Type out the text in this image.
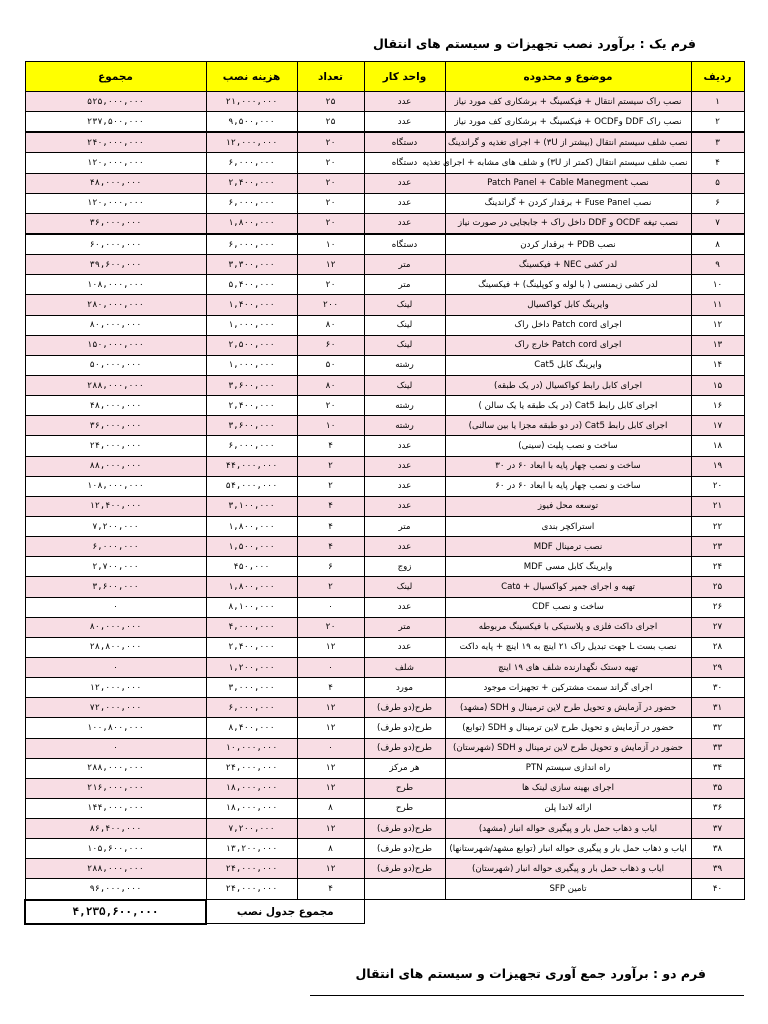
فرم یک : برآورد نصب تجهیزات و سیستم های انتقال
ردیف	موضوع و محدوده	واحد کار	تعداد	هزینه نصب	مجموع
۱	نصب راک سیستم انتقال + فیکسینگ + برشکاری کف مورد نیاز	عدد	۲۵	۲۱,۰۰۰,۰۰۰	۵۲۵,۰۰۰,۰۰۰
۲	نصب راک DDF وOCDF + فیکسینگ + برشکاری کف مورد نیاز	عدد	۲۵	۹,۵۰۰,۰۰۰	۲۳۷,۵۰۰,۰۰۰
۳	نصب شلف سیستم انتقال (بیشتر از ۳U) + اجرای تغذیه و گراندینگ	دستگاه	۲۰	۱۲,۰۰۰,۰۰۰	۲۴۰,۰۰۰,۰۰۰
۴	نصب شلف سیستم انتقال (کمتر از ۳U) و شلف های مشابه + اجرای تغذیه	دستگاه	۲۰	۶,۰۰۰,۰۰۰	۱۲۰,۰۰۰,۰۰۰
۵	نصب Patch Panel + Cable Manegment	عدد	۲۰	۲,۴۰۰,۰۰۰	۴۸,۰۰۰,۰۰۰
۶	نصب Fuse Panel + برقدار کردن + گراندینگ	عدد	۲۰	۶,۰۰۰,۰۰۰	۱۲۰,۰۰۰,۰۰۰
۷	نصب تیغه OCDF و DDF داخل راک + جابجایی در صورت نیاز	عدد	۲۰	۱,۸۰۰,۰۰۰	۳۶,۰۰۰,۰۰۰
۸	نصب PDB + برقدار کردن	دستگاه	۱۰	۶,۰۰۰,۰۰۰	۶۰,۰۰۰,۰۰۰
۹	لدر کشی NEC + فیکسینگ	متر	۱۲	۳,۳۰۰,۰۰۰	۳۹,۶۰۰,۰۰۰
۱۰	لدر کشی زیمنسی ( با لوله و کوپلینگ) + فیکسینگ	متر	۲۰	۵,۴۰۰,۰۰۰	۱۰۸,۰۰۰,۰۰۰
۱۱	وایرینگ کابل کواکسیال	لینک	۲۰۰	۱,۴۰۰,۰۰۰	۲۸۰,۰۰۰,۰۰۰
۱۲	اجرای Patch cord داخل راک	لینک	۸۰	۱,۰۰۰,۰۰۰	۸۰,۰۰۰,۰۰۰
۱۳	اجرای Patch cord خارج راک	لینک	۶۰	۲,۵۰۰,۰۰۰	۱۵۰,۰۰۰,۰۰۰
۱۴	وایرینگ کابل Cat5	رشته	۵۰	۱,۰۰۰,۰۰۰	۵۰,۰۰۰,۰۰۰
۱۵	اجرای کابل رابط کواکسیال (در یک طبقه)	لینک	۸۰	۳,۶۰۰,۰۰۰	۲۸۸,۰۰۰,۰۰۰
۱۶	اجرای کابل رابط Cat5 (در یک طبقه یا یک سالن )	رشته	۲۰	۲,۴۰۰,۰۰۰	۴۸,۰۰۰,۰۰۰
۱۷	اجرای کابل رابط Cat5 (در دو طبقه مجزا یا بین سالنی)	رشته	۱۰	۳,۶۰۰,۰۰۰	۳۶,۰۰۰,۰۰۰
۱۸	ساخت و نصب پلیت (سینی)	عدد	۴	۶,۰۰۰,۰۰۰	۲۴,۰۰۰,۰۰۰
۱۹	ساخت و نصب چهار پایه با ابعاد ۶۰ در ۳۰	عدد	۲	۴۴,۰۰۰,۰۰۰	۸۸,۰۰۰,۰۰۰
۲۰	ساخت و نصب چهار پایه با ابعاد ۶۰ در ۶۰	عدد	۲	۵۴,۰۰۰,۰۰۰	۱۰۸,۰۰۰,۰۰۰
۲۱	توسعه محل فیوز	عدد	۴	۳,۱۰۰,۰۰۰	۱۲,۴۰۰,۰۰۰
۲۲	استراکچر بندی	متر	۴	۱,۸۰۰,۰۰۰	۷,۲۰۰,۰۰۰
۲۳	نصب ترمینال MDF	عدد	۴	۱,۵۰۰,۰۰۰	۶,۰۰۰,۰۰۰
۲۴	وایرینگ کابل مسی MDF	زوج	۶	۴۵۰,۰۰۰	۲,۷۰۰,۰۰۰
۲۵	تهیه و اجرای جمپر کواکسیال + Cat۵	لینک	۲	۱,۸۰۰,۰۰۰	۳,۶۰۰,۰۰۰
۲۶	ساخت و نصب CDF	عدد	۰	۸,۱۰۰,۰۰۰	۰
۲۷	اجرای داکت فلزی و پلاستیکی با فیکسینگ مربوطه	متر	۲۰	۴,۰۰۰,۰۰۰	۸۰,۰۰۰,۰۰۰
۲۸	نصب بست L جهت تبدیل راک ۲۱ اینچ به ۱۹ اینچ + پایه داکت	عدد	۱۲	۲,۴۰۰,۰۰۰	۲۸,۸۰۰,۰۰۰
۲۹	تهیه دستک نگهدارنده شلف های ۱۹ اینچ	شلف	۰	۱,۲۰۰,۰۰۰	۰
۳۰	اجرای گراند سمت مشترکین + تجهیزات موجود	مورد	۴	۳,۰۰۰,۰۰۰	۱۲,۰۰۰,۰۰۰
۳۱	حضور در آزمایش و تحویل طرح لاین ترمینال و SDH (مشهد)	طرح(دو طرف)	۱۲	۶,۰۰۰,۰۰۰	۷۲,۰۰۰,۰۰۰
۳۲	حضور در آزمایش و تحویل طرح لاین ترمینال و SDH (توابع)	طرح(دو طرف)	۱۲	۸,۴۰۰,۰۰۰	۱۰۰,۸۰۰,۰۰۰
۳۳	حضور در آزمایش و تحویل طرح لاین ترمینال و SDH (شهرستان)	طرح(دو طرف)	۰	۱۰,۰۰۰,۰۰۰	۰
۳۴	راه اندازی سیستم PTN	هر مرکز	۱۲	۲۴,۰۰۰,۰۰۰	۲۸۸,۰۰۰,۰۰۰
۳۵	اجرای بهینه سازی لینک ها	طرح	۱۲	۱۸,۰۰۰,۰۰۰	۲۱۶,۰۰۰,۰۰۰
۳۶	ارائه لاندا پلن	طرح	۸	۱۸,۰۰۰,۰۰۰	۱۴۴,۰۰۰,۰۰۰
۳۷	ایاب و ذهاب حمل بار و پیگیری حواله انبار (مشهد)	طرح(دو طرف)	۱۲	۷,۲۰۰,۰۰۰	۸۶,۴۰۰,۰۰۰
۳۸	ایاب و ذهاب حمل بار و پیگیری حواله انبار (توابع مشهد/شهرستانها)	طرح(دو طرف)	۸	۱۳,۲۰۰,۰۰۰	۱۰۵,۶۰۰,۰۰۰
۳۹	ایاب و ذهاب حمل بار و پیگیری حواله انبار (شهرستان)	طرح(دو طرف)	۱۲	۲۴,۰۰۰,۰۰۰	۲۸۸,۰۰۰,۰۰۰
۴۰	تامین SFP		۴	۲۴,۰۰۰,۰۰۰	۹۶,۰۰۰,۰۰۰
			مجموع جدول نصب		۴,۲۳۵,۶۰۰,۰۰۰
فرم دو : برآورد جمع آوری تجهیزات و سیستم های انتقال
